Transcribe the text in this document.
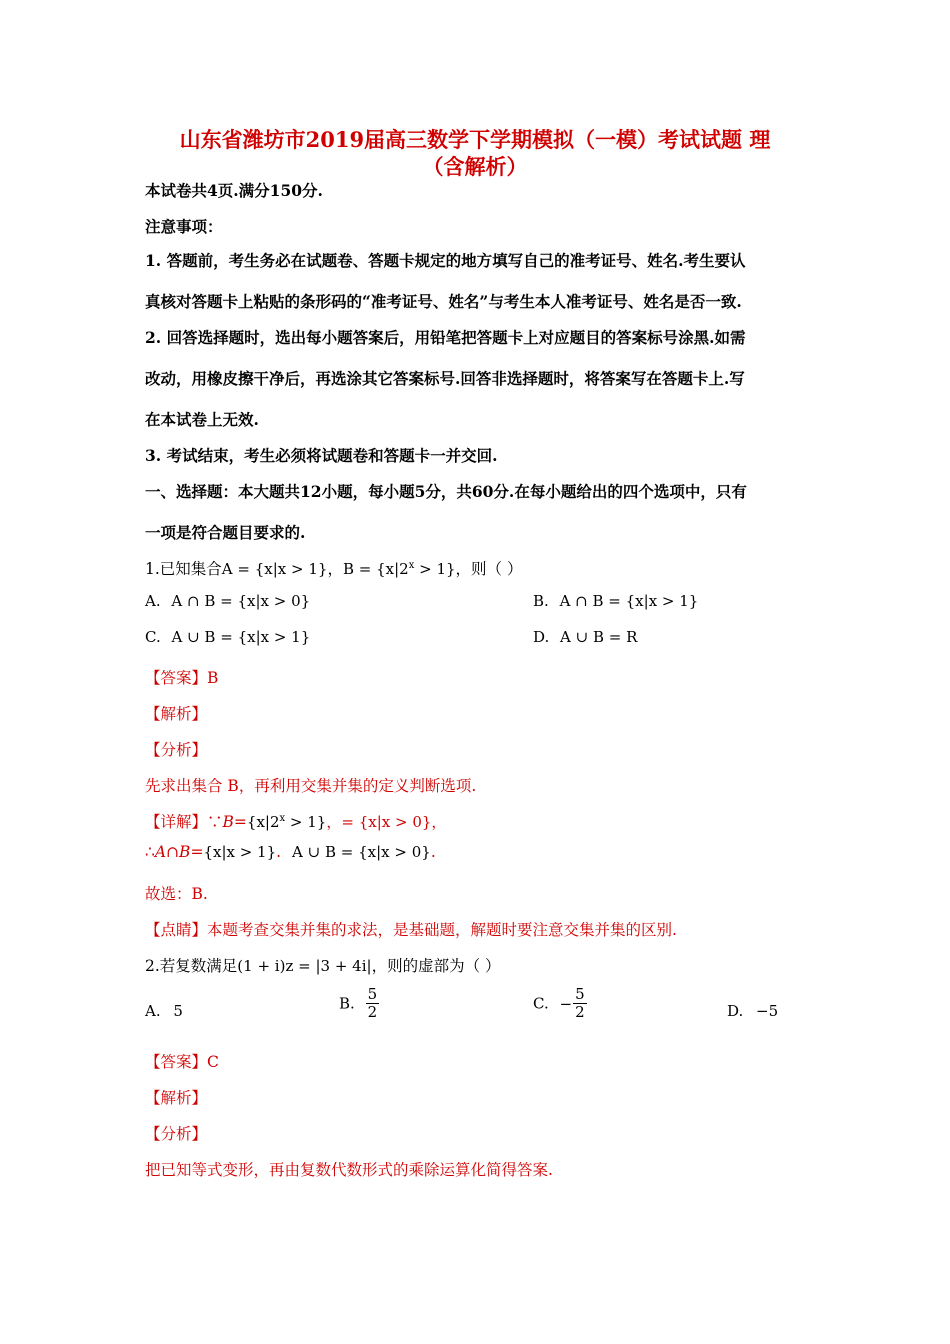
山东省潍坊市2019届高三数学下学期模拟（一模）考试试题 理
（含解析）
本试卷共4页.满分150分.
注意事项：
1. 答题前，考生务必在试题卷、答题卡规定的地方填写自己的准考证号、姓名.考生要认
真核对答题卡上粘贴的条形码的“准考证号、姓名”与考生本人准考证号、姓名是否一致.
2. 回答选择题时，选出每小题答案后，用铅笔把答题卡上对应题目的答案标号涂黑.如需
改动，用橡皮擦干净后，再选涂其它答案标号.回答非选择题时，将答案写在答题卡上.写
在本试卷上无效.
3. 考试结束，考生必须将试题卷和答题卡一并交回.
一、选择题：本大题共12小题，每小题5分，共60分.在每小题给出的四个选项中，只有
一项是符合题目要求的.
1.已知集合A = {x|x > 1}，$B = \{x|2^x > 1\}$，则（ ）
A. A ∩ B = {x|x > 0}	B. A ∩ B = {x|x > 1}
C. A ∪ B = {x|x > 1}	D. A ∪ B = R
【答案】B
【解析】
【分析】
先求出集合 B，再利用交集并集的定义判断选项.
【详解】$\because B=\{x|2^x > 1\}$，= {x|x > 0}，
∴A∩B={x|x > 1}. A ∪ B = {x|x > 0}.
故选：B.
【点睛】本题考查交集并集的求法，是基础题，解题时要注意交集并集的区别.
2.若复数满足(1 + i)z = |3 + 4i|，则的虚部为（ ）
A. 5	B. $\frac{5}{2}$	C. − $\frac{5}{2}$	D. −5
【答案】C
【解析】
【分析】
把已知等式变形，再由复数代数形式的乘除运算化简得答案.
